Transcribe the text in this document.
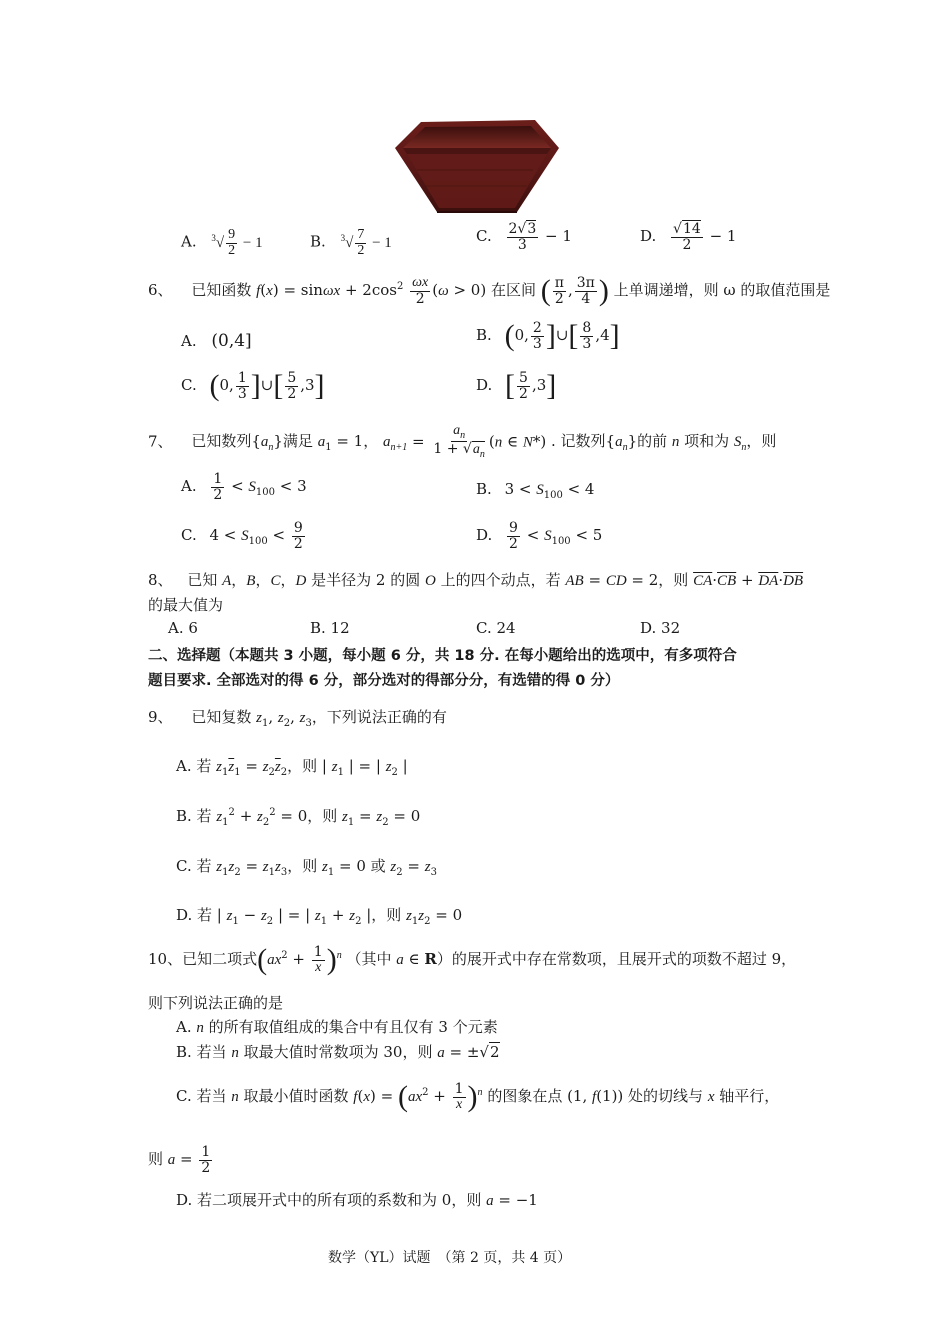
A. $^3√ \frac{9}{2} - 1$	B. $^3√ \frac{7}{2} - 1$	C. $\frac{2√3}{3} - 1$	D. $\frac{√14}{2} - 1$
6、 已知函数 $f(x) = \sin\omega x + 2\cos^2 \frac{\omega x}{2} (\omega > 0)$ 在区间 ( $\frac{\pi}{2}$ , $\frac{3\pi}{4}$ ) 上单调递增，则 ω 的取值范围是
A. (0,4]	B. (0, $\frac{2}{3}$ ]∪[ $\frac{8}{3} ,4$]
C. (0, $\frac{1}{3}$ ]∪[ $\frac{5}{2} ,3$]	D. [ $\frac{5}{2} ,3$]
7、 已知数列$\{a_n\}$满足 $a_1 = 1$， $a_{n+1} = \frac{a_n}{1 + √a_n} (n$ ∈ N*) . 记数列$\{a_n\}$的前 n 项和为 $S_n$，则
A. $\frac{1}{2} < S_{100} < 3$	B. $3 < S_{100} < 4$
C. $4 < S_{100} < \frac{9}{2}$	D. $\frac{9}{2} < S_{100} < 5$
8、 已知 A，B，C，D 是半径为 2 的圆 O 上的四个动点，若 AB = CD = 2，则 $\overline{CA}\cdot\overline{CB} + \overline{DA}\cdot\overline{DB}$
的最大值为
A. 6	B. 12	C. 24	D. 32
二、选择题（本题共 3 小题，每小题 6 分，共 18 分. 在每小题给出的选项中，有多项符合
题目要求. 全部选对的得 6 分，部分选对的得部分分，有选错的得 0 分）
9、 已知复数 $z_1$, $z_2$, $z_3$，下列说法正确的有
A. 若 $z_1\overline{z}_1 = z_2\overline{z}_2$，则 | $z_1$ | = | $z_2$ |
B. 若 $z_1^2 + z_2^2 = 0$，则 $z_1 = z_2 = 0$
C. 若 $z_1z_2 = z_1z_3$，则 $z_1 = 0$ 或 $z_2 = z_3$
D. 若 | $z_1 - z_2$ | = | $z_1 + z_2$ |，则 $z_1z_2 = 0$
10、已知二项式$(ax^2 + \frac{1}{x} )^n$ （其中 a ∈ R）的展开式中存在常数项，且展开式的项数不超过 9，
则下列说法正确的是
A. n 的所有取值组成的集合中有且仅有 3 个元素
B. 若当 n 取最大值时常数项为 30，则 a = ±√2
C. 若当 n 取最小值时函数 $f(x) = (ax^2 + \frac{1}{x} )^n$ 的图象在点 (1, f(1)) 处的切线与 x 轴平行，
则 $a = \frac{1}{2}$
D. 若二项展开式中的所有项的系数和为 0，则 a = −1
数学（YL）试题　（第 2 页，共 4 页）
